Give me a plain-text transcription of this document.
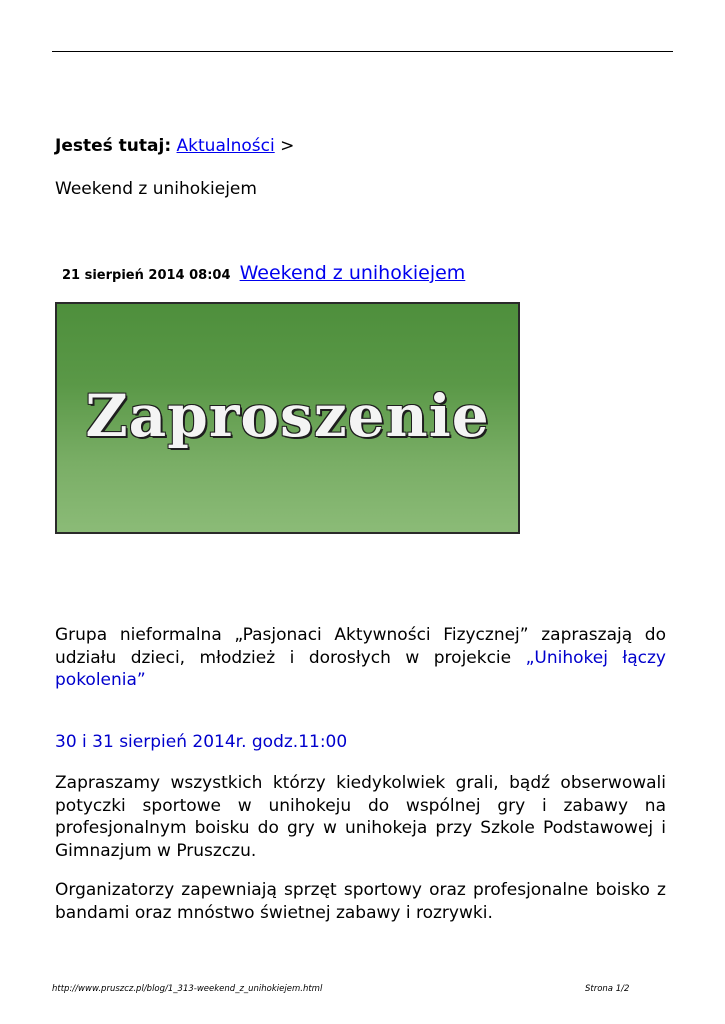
Jesteś tutaj: Aktualności >
Weekend z unihokiejem
21 sierpień 2014 08:04 Weekend z unihokiejem
Zaproszenie

Grupa nieformalna „Pasjonaci Aktywności Fizycznej” zapraszają do udziału dzieci, młodzież i dorosłych w projekcie „Unihokej łączy pokolenia”

30 i 31 sierpień 2014r. godz.11:00

Zapraszamy wszystkich którzy kiedykolwiek grali, bądź obserwowali potyczki sportowe w unihokeju do wspólnej gry i zabawy na profesjonalnym boisku do gry w unihokeja przy Szkole Podstawowej i Gimnazjum w Pruszczu.

Organizatorzy zapewniają sprzęt sportowy oraz profesjonalne boisko z bandami oraz mnóstwo świetnej zabawy i rozrywki.

http://www.pruszcz.pl/blog/1_313-weekend_z_unihokiejem.html	Strona 1/2
